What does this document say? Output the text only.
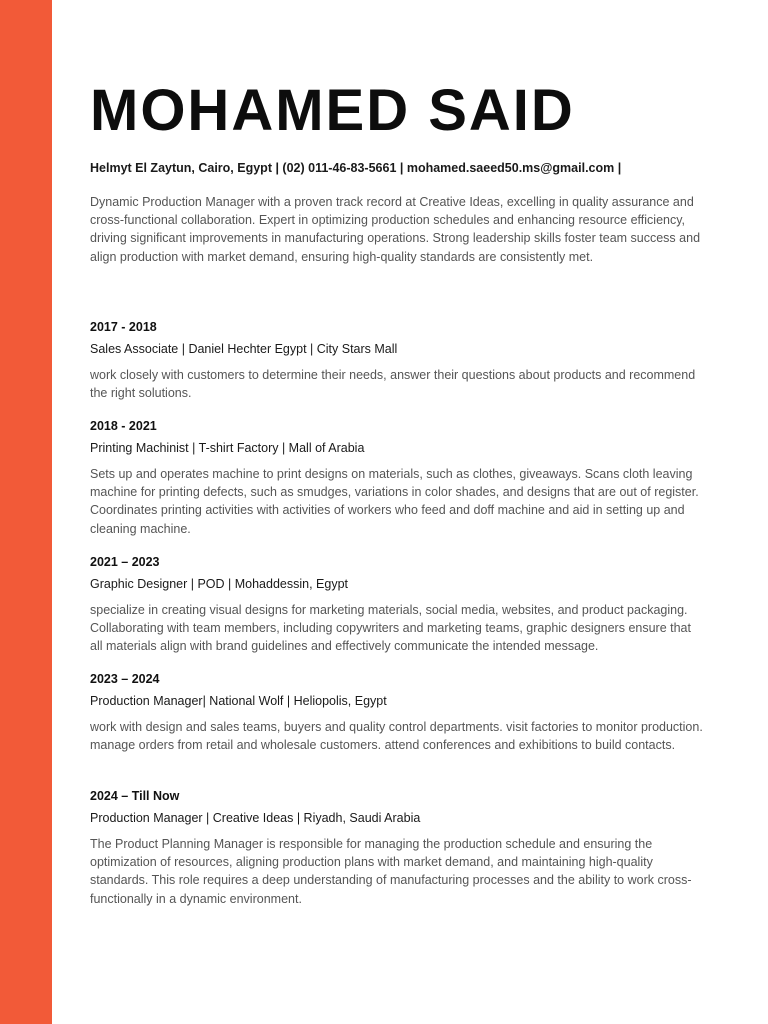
MOHAMED SAID
Helmyt El Zaytun, Cairo, Egypt | (02) 011-46-83-5661 | mohamed.saeed50.ms@gmail.com |

Dynamic Production Manager with a proven track record at Creative Ideas, excelling in quality assurance and cross-functional collaboration. Expert in optimizing production schedules and enhancing resource efficiency, driving significant improvements in manufacturing operations. Strong leadership skills foster team success and align production with market demand, ensuring high-quality standards are consistently met.

2017 - 2018

Sales Associate | Daniel Hechter Egypt | City Stars Mall

work closely with customers to determine their needs, answer their questions about products and recommend the right solutions.

2018 - 2021

Printing Machinist | T-shirt Factory | Mall of Arabia

Sets up and operates machine to print designs on materials, such as clothes, giveaways. Scans cloth leaving machine for printing defects, such as smudges, variations in color shades, and designs that are out of register. Coordinates printing activities with activities of workers who feed and doff machine and aid in setting up and cleaning machine.

2021 – 2023

Graphic Designer | POD | Mohaddessin, Egypt

specialize in creating visual designs for marketing materials, social media, websites, and product packaging. Collaborating with team members, including copywriters and marketing teams, graphic designers ensure that all materials align with brand guidelines and effectively communicate the intended message.

2023 – 2024

Production Manager| National Wolf | Heliopolis, Egypt

work with design and sales teams, buyers and quality control departments. visit factories to monitor production. manage orders from retail and wholesale customers. attend conferences and exhibitions to build contacts.

2024 – Till Now

Production Manager | Creative Ideas | Riyadh, Saudi Arabia

The Product Planning Manager is responsible for managing the production schedule and ensuring the optimization of resources, aligning production plans with market demand, and maintaining high-quality standards. This role requires a deep understanding of manufacturing processes and the ability to work cross-functionally in a dynamic environment.
